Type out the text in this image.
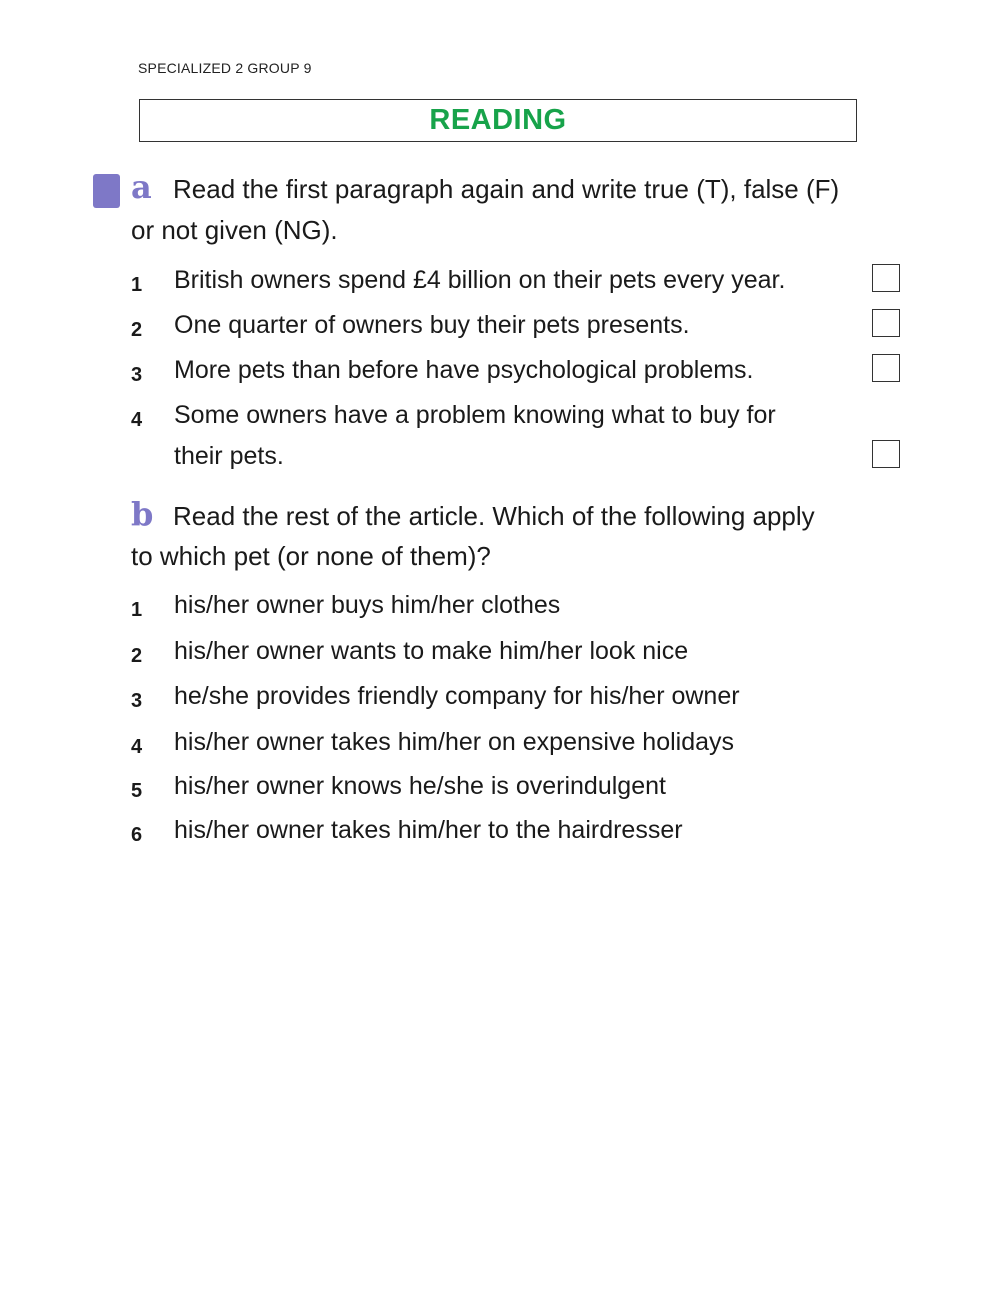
SPECIALIZED 2 GROUP 9
READING
a Read the first paragraph again and write true (T), false (F)
or not given (NG).
1 British owners spend £4 billion on their pets every year.
2 One quarter of owners buy their pets presents.
3 More pets than before have psychological problems.
4 Some owners have a problem knowing what to buy for
their pets.
b Read the rest of the article. Which of the following apply
to which pet (or none of them)?
1 his/her owner buys him/her clothes
2 his/her owner wants to make him/her look nice
3 he/she provides friendly company for his/her owner
4 his/her owner takes him/her on expensive holidays
5 his/her owner knows he/she is overindulgent
6 his/her owner takes him/her to the hairdresser
